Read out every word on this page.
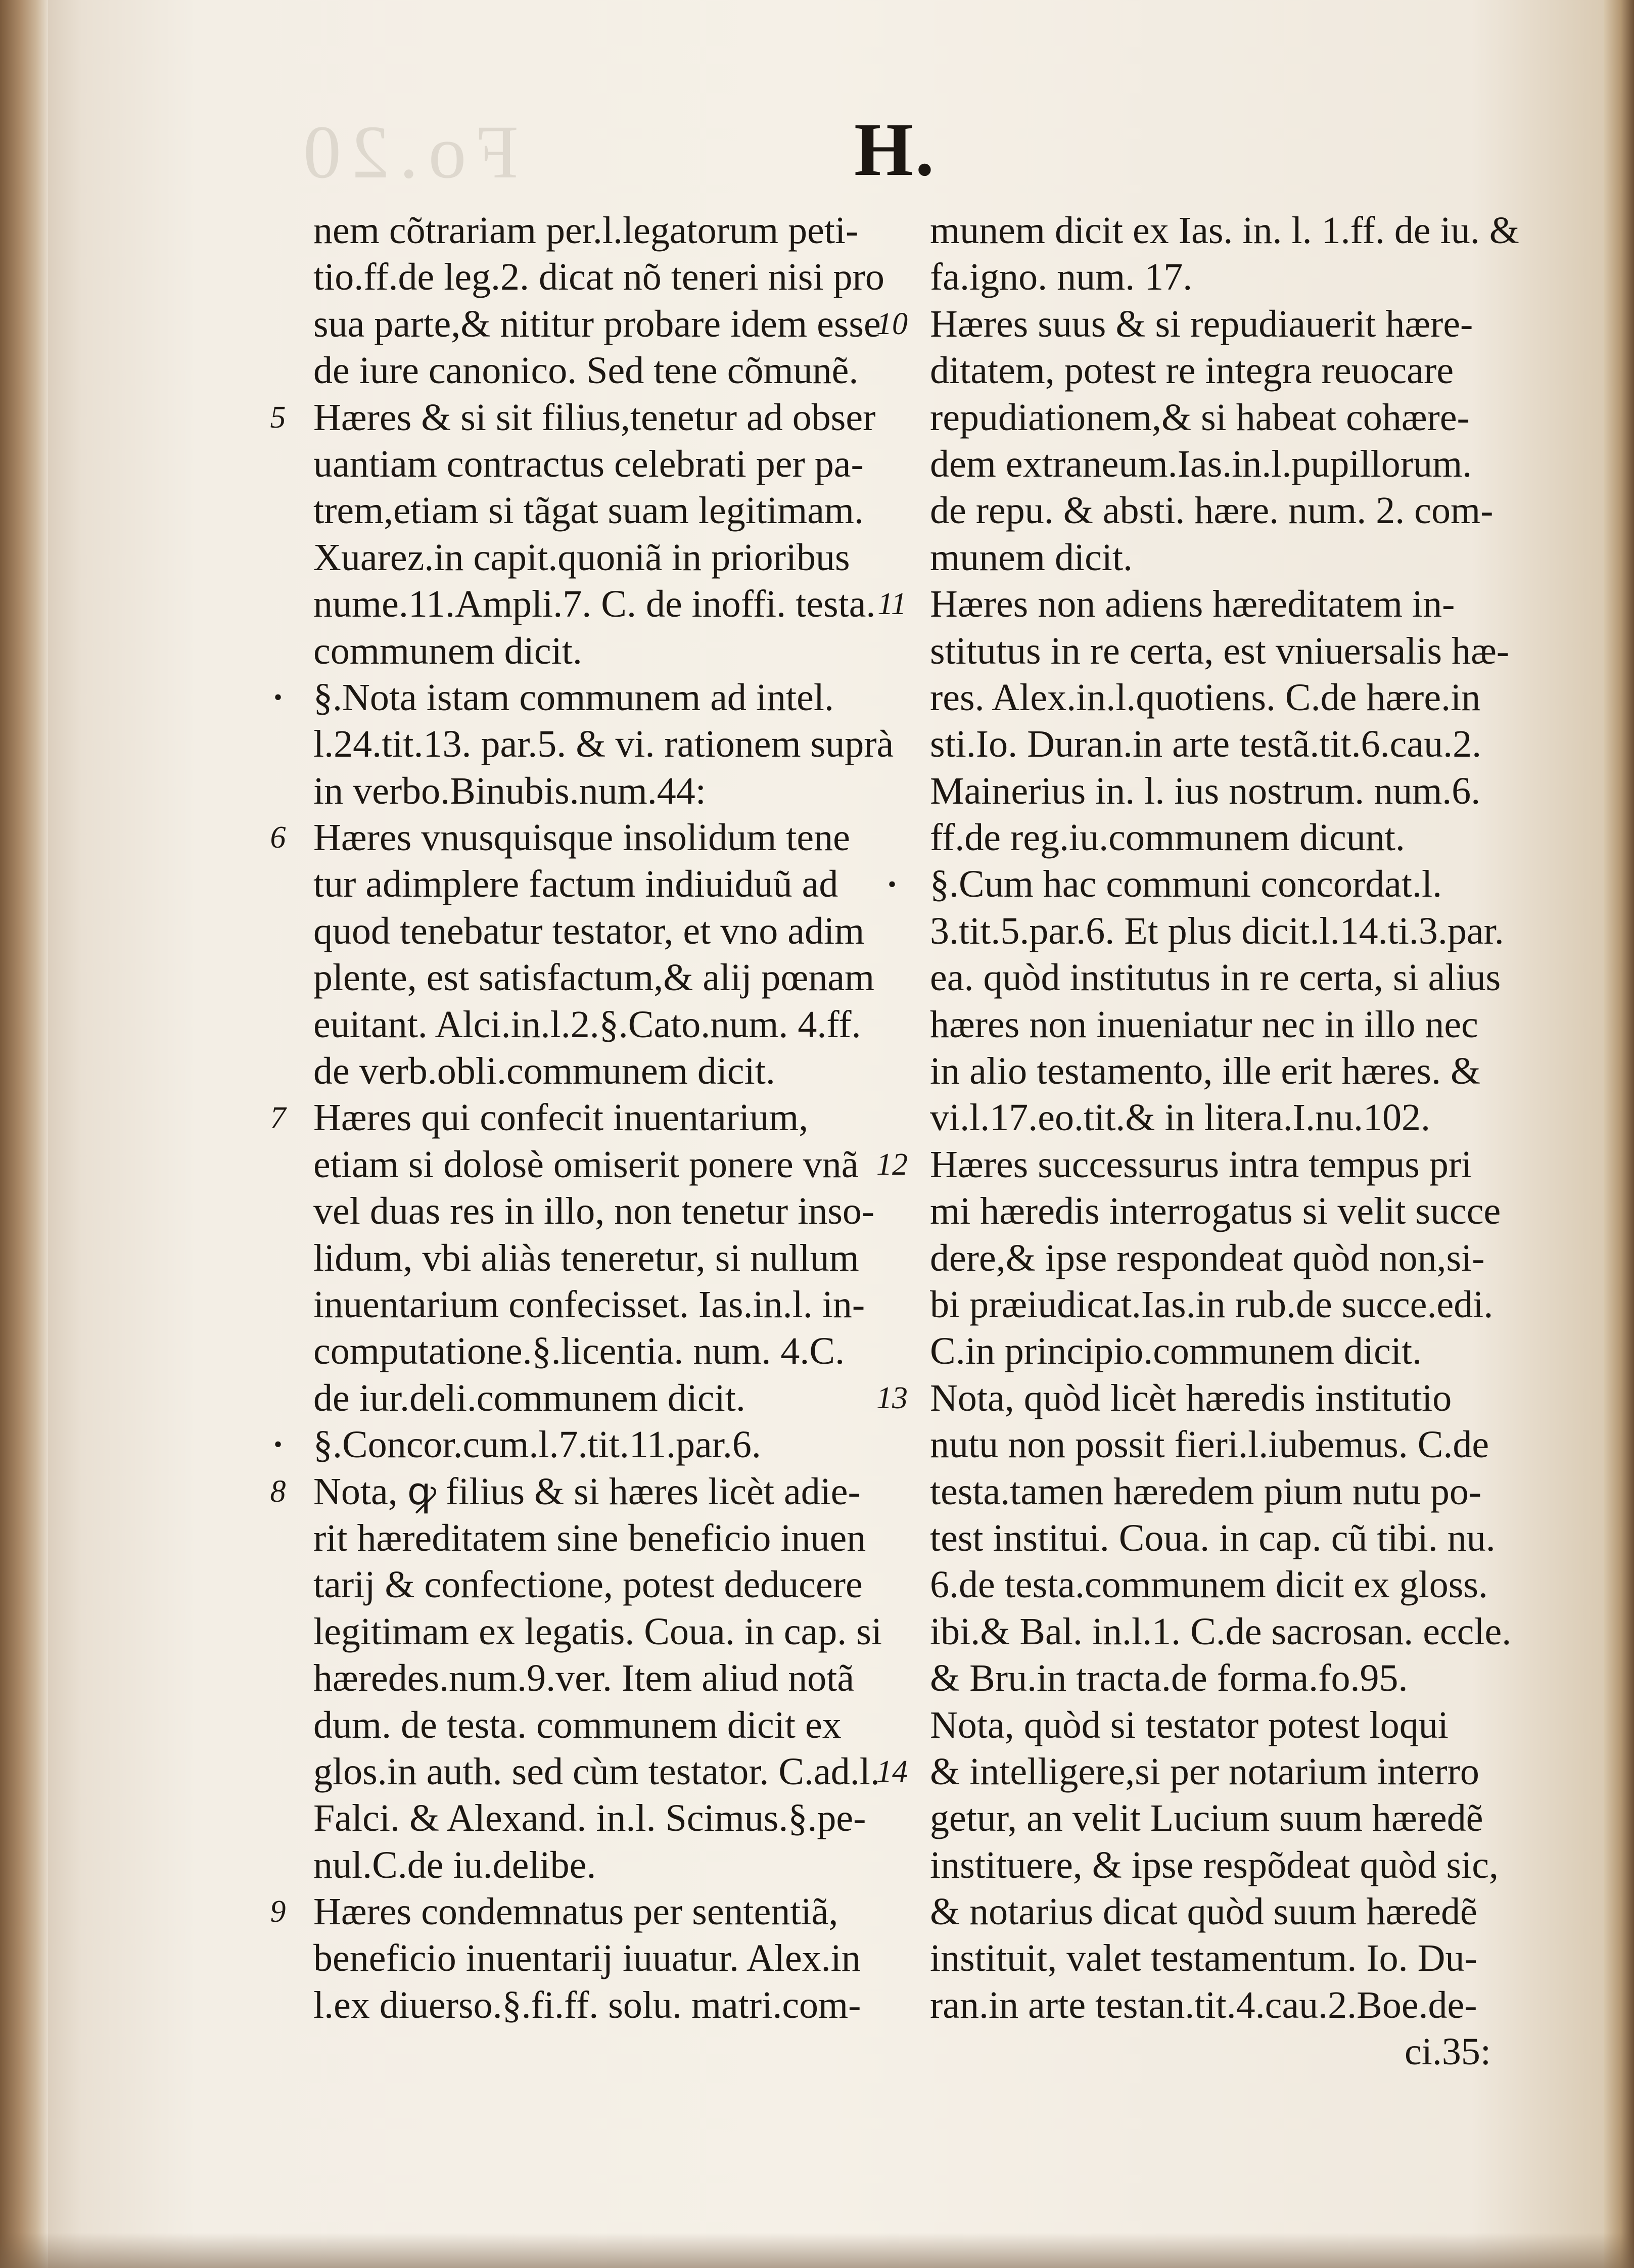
Fo.20	H.
nem cõtrariam per.l.legatorum peti-
tio.ff.de leg.2. dicat nõ teneri nisi pro
sua parte,& nititur probare idem esse
de iure canonico. Sed tene cõmunẽ.
Hæres & si sit filius,tenetur ad obser
uantiam contractus celebrati per pa-
trem,etiam si tãgat suam legitimam.
Xuarez.in capit.quoniã in prioribus
nume.11.Ampli.7. C. de inoffi. testa.
communem dicit.
§.Nota istam communem ad intel.
l.24.tit.13. par.5. & vi. rationem suprà
in verbo.Binubis.num.44:
Hæres vnusquisque insolidum tene
tur adimplere factum indiuiduũ ad
quod tenebatur testator, et vno adim
plente, est satisfactum,& alij pœnam
euitant. Alci.in.l.2.§.Cato.num. 4.ff.
de verb.obli.communem dicit.
Hæres qui confecit inuentarium,
etiam si dolosè omiserit ponere vnã
vel duas res in illo, non tenetur inso-
lidum, vbi aliàs teneretur, si nullum
inuentarium confecisset. Ias.in.l. in-
computatione.§.licentia. num. 4.C.
de iur.deli.communem dicit.
§.Concor.cum.l.7.tit.11.par.6.
Nota, ꝙ filius & si hæres licèt adie-
rit hæreditatem sine beneficio inuen
tarij & confectione, potest deducere
legitimam ex legatis. Coua. in cap. si
hæredes.num.9.ver. Item aliud notã
dum. de testa. communem dicit ex
glos.in auth. sed cùm testator. C.ad.l.
Falci. & Alexand. in.l. Scimus.§.pe-
nul.C.de iu.delibe.
Hæres condemnatus per sententiã,
beneficio inuentarij iuuatur. Alex.in
l.ex diuerso.§.fi.ff. solu. matri.com-
5
•
6
7
•
8
9
munem dicit ex Ias. in. l. 1.ff. de iu. &
fa.igno. num. 17.
Hæres suus & si repudiauerit hære-
ditatem, potest re integra reuocare
repudiationem,& si habeat cohære-
dem extraneum.Ias.in.l.pupillorum.
de repu. & absti. hære. num. 2. com-
munem dicit.
Hæres non adiens hæreditatem in-
stitutus in re certa, est vniuersalis hæ-
res. Alex.in.l.quotiens. C.de hære.in
sti.Io. Duran.in arte testã.tit.6.cau.2.
Mainerius in. l. ius nostrum. num.6.
ff.de reg.iu.communem dicunt.
§.Cum hac communi concordat.l.
3.tit.5.par.6. Et plus dicit.l.14.ti.3.par.
ea. quòd institutus in re certa, si alius
hæres non inueniatur nec in illo nec
in alio testamento, ille erit hæres. &
vi.l.17.eo.tit.& in litera.I.nu.102.
Hæres successurus intra tempus pri
mi hæredis interrogatus si velit succe
dere,& ipse respondeat quòd non,si-
bi præiudicat.Ias.in rub.de succe.edi.
C.in principio.communem dicit.
Nota, quòd licèt hæredis institutio
nutu non possit fieri.l.iubemus. C.de
testa.tamen hæredem pium nutu po-
test institui. Coua. in cap. cũ tibi. nu.
6.de testa.communem dicit ex gloss.
ibi.& Bal. in.l.1. C.de sacrosan. eccle.
& Bru.in tracta.de forma.fo.95.
Nota, quòd si testator potest loqui
& intelligere,si per notarium interro
getur, an velit Lucium suum hæredẽ
instituere, & ipse respõdeat quòd sic,
& notarius dicat quòd suum hæredẽ
instituit, valet testamentum. Io. Du-
ran.in arte testan.tit.4.cau.2.Boe.de-
ci.35:
10
11
•
12
13
14
